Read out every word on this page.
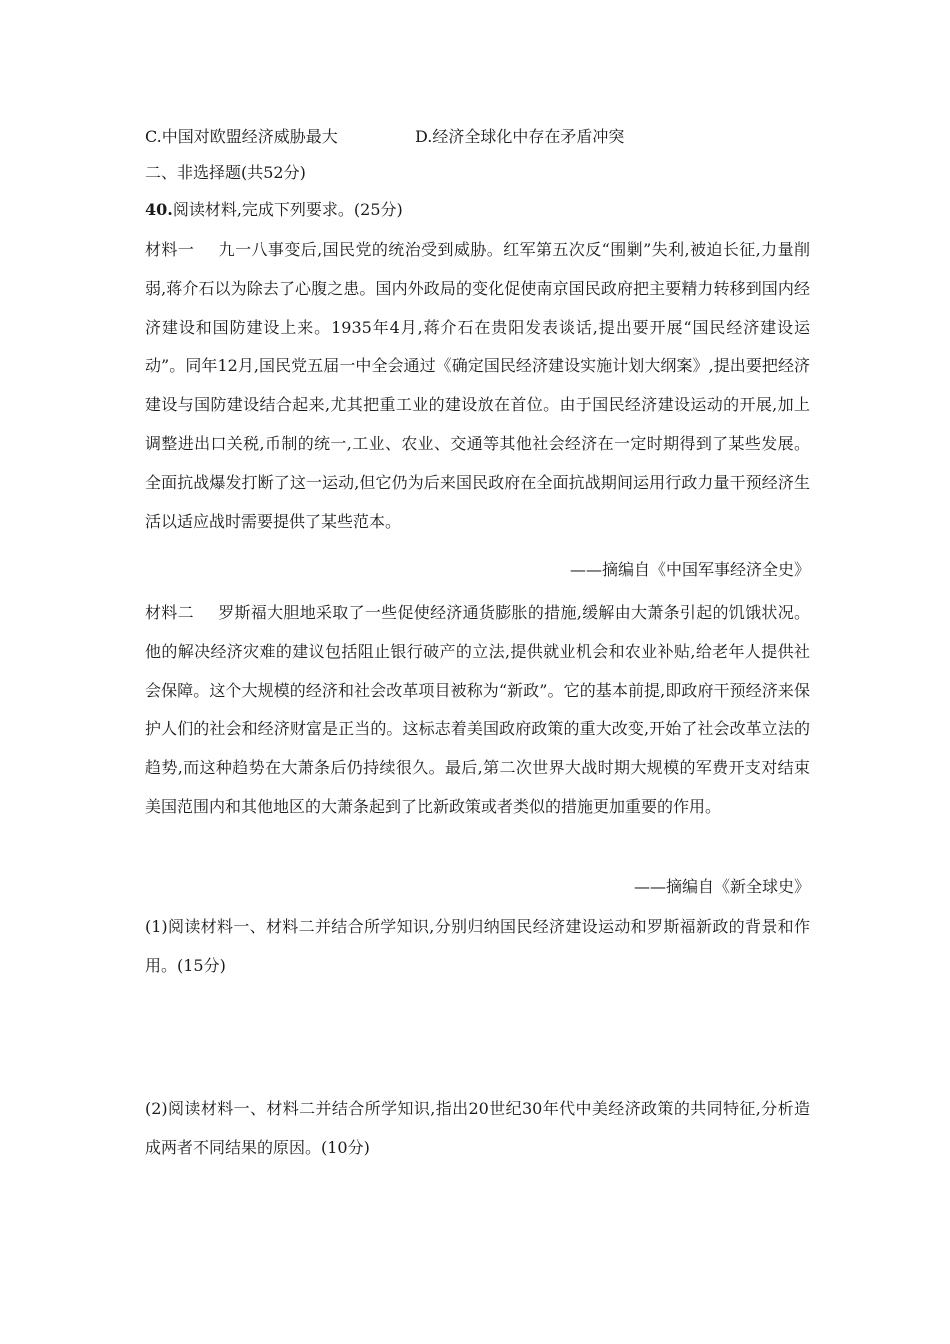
C.中国对欧盟经济威胁最大	D.经济全球化中存在矛盾冲突
二、非选择题(共52分)
40.阅读材料,完成下列要求。(25分)

材料一 九一八事变后,国民党的统治受到威胁。红军第五次反“围剿”失利,被迫长征,力量削弱,蒋介石以为除去了心腹之患。国内外政局的变化促使南京国民政府把主要精力转移到国内经济建设和国防建设上来。1935年4月,蒋介石在贵阳发表谈话,提出要开展“国民经济建设运动”。同年12月,国民党五届一中全会通过《确定国民经济建设实施计划大纲案》,提出要把经济建设与国防建设结合起来,尤其把重工业的建设放在首位。由于国民经济建设运动的开展,加上调整进出口关税,币制的统一,工业、农业、交通等其他社会经济在一定时期得到了某些发展。全面抗战爆发打断了这一运动,但它仍为后来国民政府在全面抗战期间运用行政力量干预经济生活以适应战时需要提供了某些范本。

——摘编自《中国军事经济全史》

材料二 罗斯福大胆地采取了一些促使经济通货膨胀的措施,缓解由大萧条引起的饥饿状况。他的解决经济灾难的建议包括阻止银行破产的立法,提供就业机会和农业补贴,给老年人提供社会保障。这个大规模的经济和社会改革项目被称为“新政”。它的基本前提,即政府干预经济来保护人们的社会和经济财富是正当的。这标志着美国政府政策的重大改变,开始了社会改革立法的趋势,而这种趋势在大萧条后仍持续很久。最后,第二次世界大战时期大规模的军费开支对结束美国范围内和其他地区的大萧条起到了比新政策或者类似的措施更加重要的作用。

——摘编自《新全球史》

(1)阅读材料一、材料二并结合所学知识,分别归纳国民经济建设运动和罗斯福新政的背景和作用。(15分)

(2)阅读材料一、材料二并结合所学知识,指出20世纪30年代中美经济政策的共同特征,分析造成两者不同结果的原因。(10分)
